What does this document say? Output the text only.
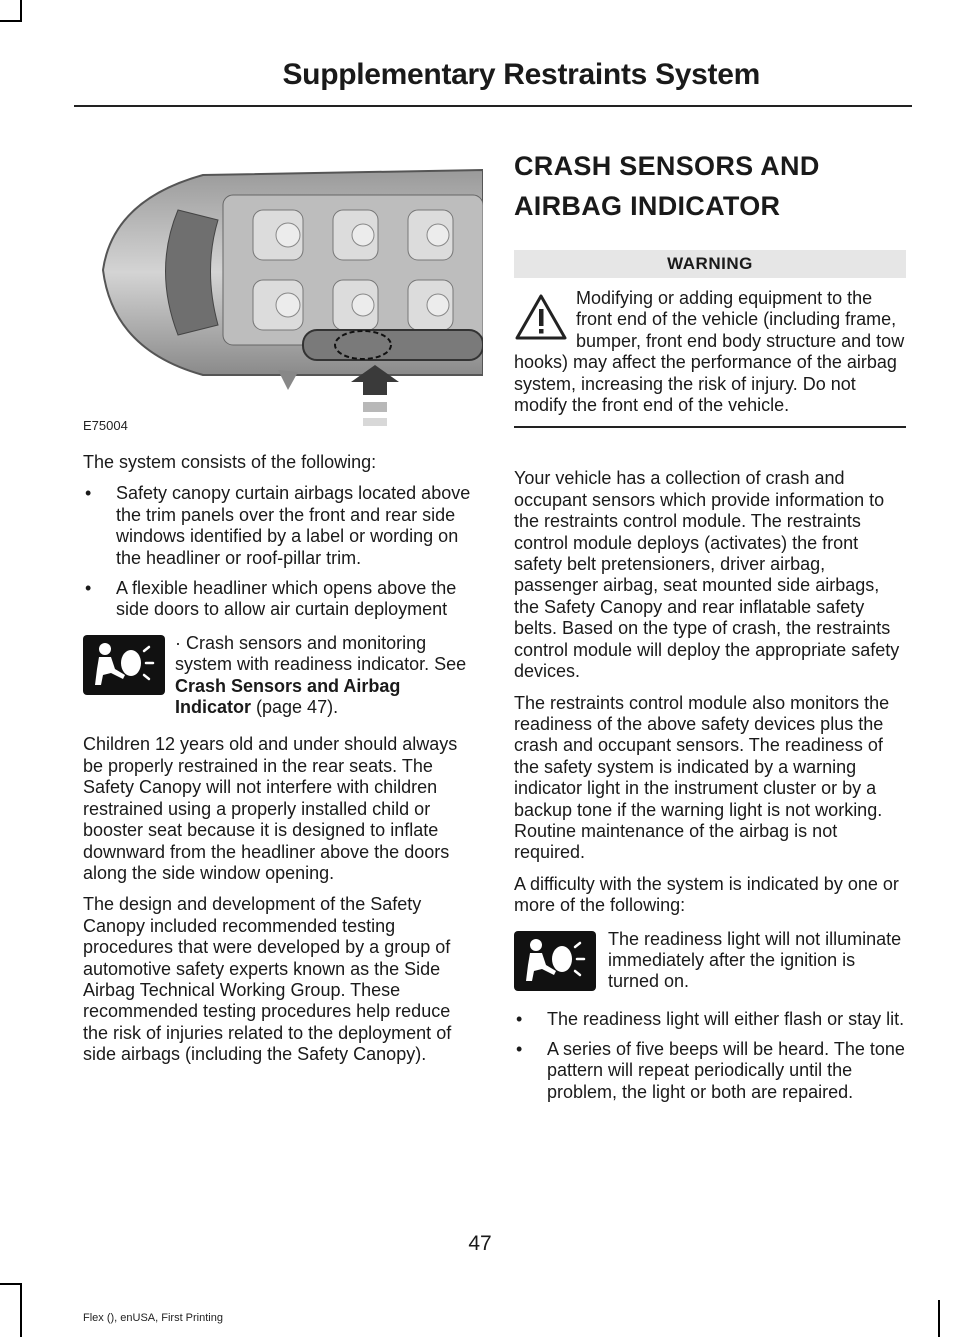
Supplementary Restraints System
E75004

The system consists of the following:

• Safety canopy curtain airbags located above the trim panels over the front and rear side windows identified by a label or wording on the headliner or roof-pillar trim.
• A flexible headliner which opens above the side doors to allow air curtain deployment

· Crash sensors and monitoring system with readiness indicator. See Crash Sensors and Airbag Indicator (page 47).

Children 12 years old and under should always be properly restrained in the rear seats. The Safety Canopy will not interfere with children restrained using a properly installed child or booster seat because it is designed to inflate downward from the headliner above the doors along the side window opening.

The design and development of the Safety Canopy included recommended testing procedures that were developed by a group of automotive safety experts known as the Side Airbag Technical Working Group. These recommended testing procedures help reduce the risk of injuries related to the deployment of side airbags (including the Safety Canopy).

CRASH SENSORS AND
AIRBAG INDICATOR
WARNING

Modifying or adding equipment to the front end of the vehicle (including frame, bumper, front end body structure and tow hooks) may affect the performance of the airbag system, increasing the risk of injury. Do not modify the front end of the vehicle.

Your vehicle has a collection of crash and occupant sensors which provide information to the restraints control module. The restraints control module deploys (activates) the front safety belt pretensioners, driver airbag, passenger airbag, seat mounted side airbags, the Safety Canopy and rear inflatable safety belts. Based on the type of crash, the restraints control module will deploy the appropriate safety devices.

The restraints control module also monitors the readiness of the above safety devices plus the crash and occupant sensors. The readiness of the safety system is indicated by a warning indicator light in the instrument cluster or by a backup tone if the warning light is not working. Routine maintenance of the airbag is not required.

A difficulty with the system is indicated by one or more of the following:

The readiness light will not illuminate immediately after the ignition is turned on.

• The readiness light will either flash or stay lit.
• A series of five beeps will be heard. The tone pattern will repeat periodically until the problem, the light or both are repaired.
47
Flex (), enUSA, First Printing
